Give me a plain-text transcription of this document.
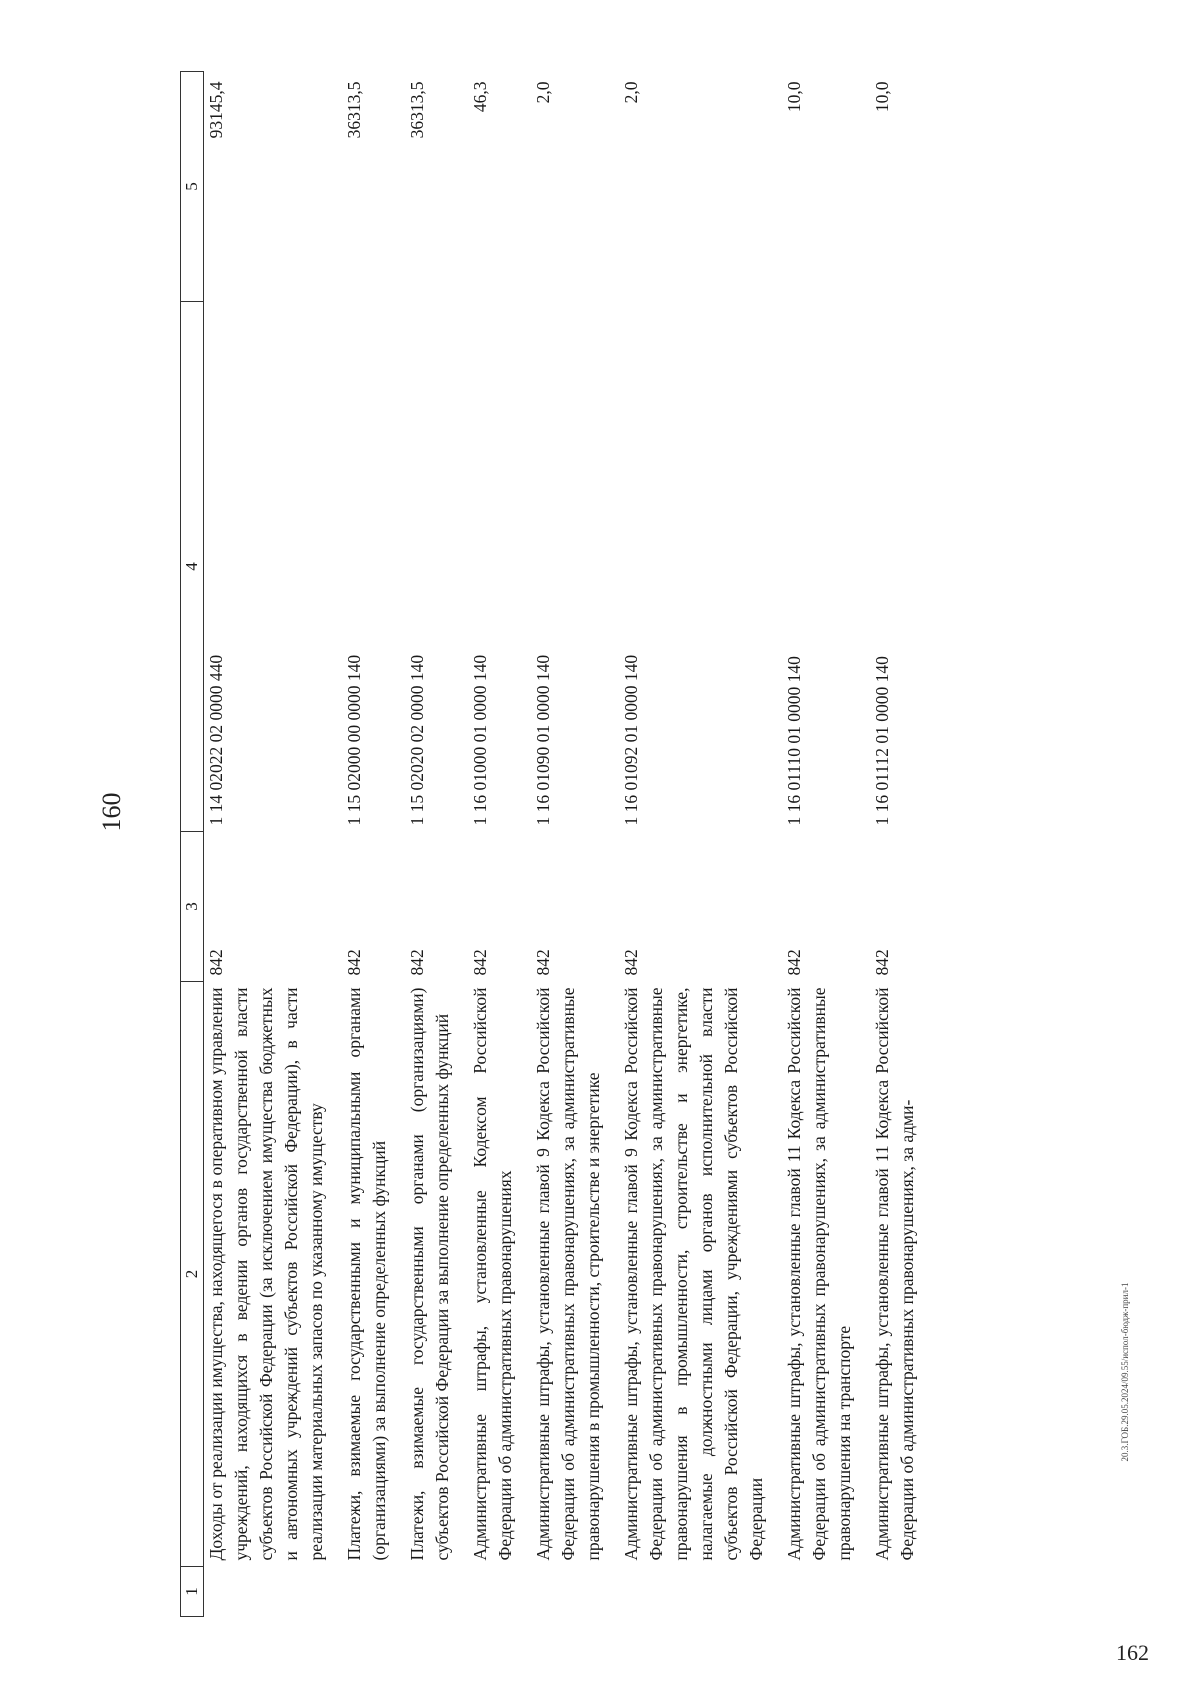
160
20.3.ГОБ.29.05.2024/09.55/испол-бюдж-прил-1
162
1	2	3	4	5
	Доходы от реализации имущества, находящегося в оперативном управлении учреждений, находящихся в ведении органов государственной власти субъектов Российской Федерации (за исключением имущества бюджетных и автономных учреждений субъектов Российской Федерации), в части реализации материальных запасов по указанному имуществу	842	1 14 02022 02 0000 440	93145,4
	Платежи, взимаемые государственными и муниципальными органами (организациями) за выполнение определенных функций	842	1 15 02000 00 0000 140	36313,5
	Платежи, взимаемые государственными органами (организациями) субъектов Российской Федерации за выполнение определенных функций	842	1 15 02020 02 0000 140	36313,5
	Административные штрафы, установленные Кодексом Российской Федерации об административных правонарушениях	842	1 16 01000 01 0000 140	46,3
	Административные штрафы, установленные главой 9 Кодекса Российской Федерации об административных правонарушениях, за административные правонарушения в промышленности, строительстве и энергетике	842	1 16 01090 01 0000 140	2,0
	Административные штрафы, установленные главой 9 Кодекса Российской Федерации об административных правонарушениях, за административные правонарушения в промышленности, строительстве и энергетике, налагаемые должностными лицами органов исполнительной власти субъектов Российской Федерации, учреждениями субъектов Российской Федерации	842	1 16 01092 01 0000 140	2,0
	Административные штрафы, установленные главой 11 Кодекса Российской Федерации об административных правонарушениях, за административные правонарушения на транспорте	842	1 16 01110 01 0000 140	10,0
	Административные штрафы, установленные главой 11 Кодекса Российской Федерации об административных правонарушениях, за адми-	842	1 16 01112 01 0000 140	10,0
